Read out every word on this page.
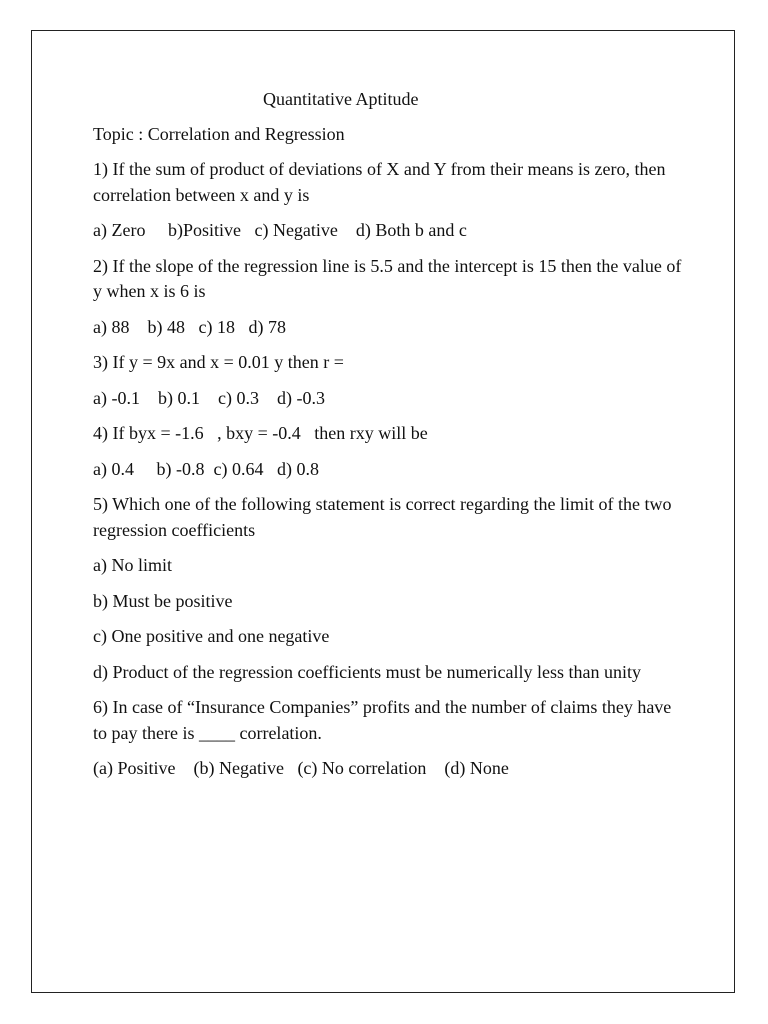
Quantitative Aptitude

Topic : Correlation and Regression

1) If the sum of product of deviations of X and Y from their means is zero, then correlation between x and y is

a) Zero     b)Positive   c) Negative    d) Both b and c

2) If the slope of the regression line is 5.5 and the intercept is 15 then the value of y when x is 6 is

a) 88    b) 48   c) 18   d) 78

3) If y = 9x and x = 0.01 y then r =

a) -0.1    b) 0.1    c) 0.3    d) -0.3

4) If byx = -1.6   , bxy = -0.4   then rxy will be

a) 0.4     b) -0.8  c) 0.64   d) 0.8

5) Which one of the following statement is correct regarding the limit of the two regression coefficients

a) No limit

b) Must be positive

c) One positive and one negative

d) Product of the regression coefficients must be numerically less than unity

6) In case of “Insurance Companies” profits and the number of claims they have to pay there is ____ correlation.

(a) Positive    (b) Negative   (c) No correlation    (d) None
